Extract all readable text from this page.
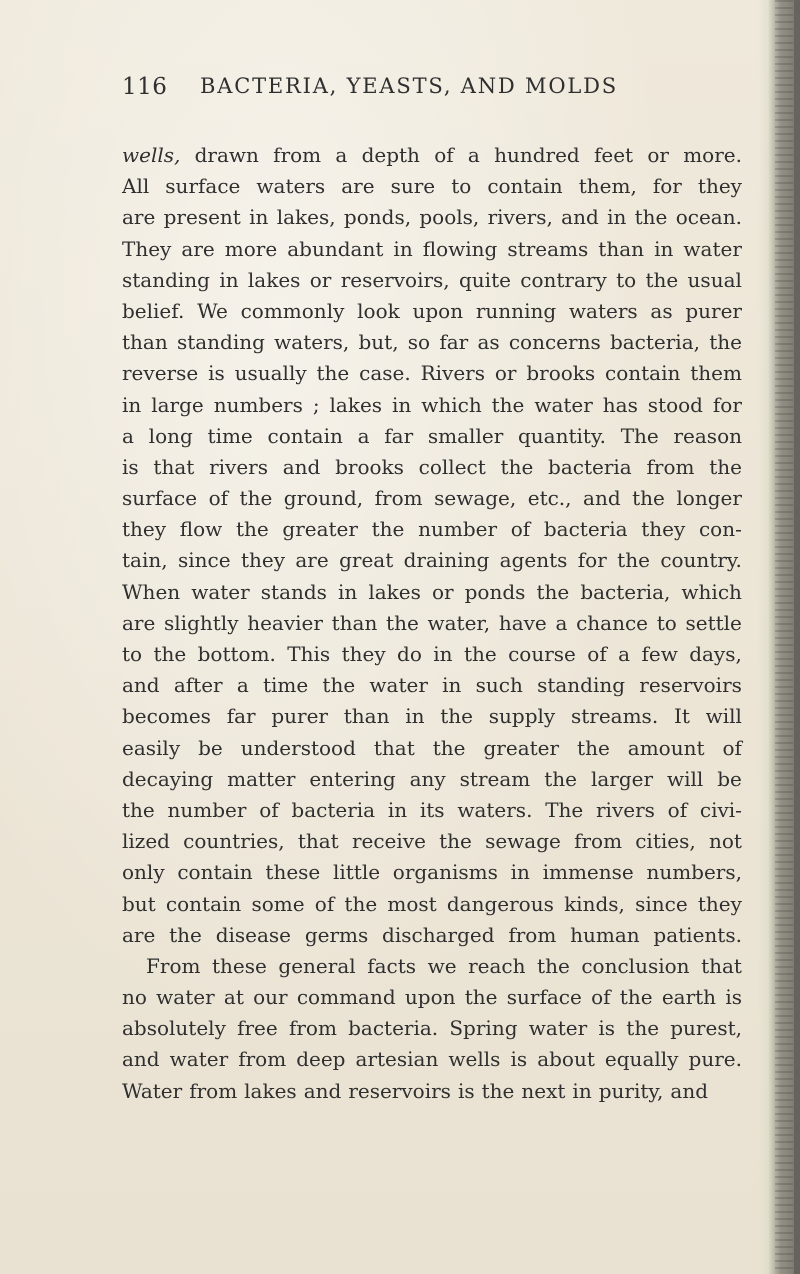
116 BACTERIA, YEASTS, AND MOLDS
wells, drawn from a depth of a hundred feet or more.
All surface waters are sure to contain them, for they
are present in lakes, ponds, pools, rivers, and in the ocean.
They are more abundant in flowing streams than in water
standing in lakes or reservoirs, quite contrary to the usual
belief. We commonly look upon running waters as purer
than standing waters, but, so far as concerns bacteria, the
reverse is usually the case. Rivers or brooks contain them
in large numbers ; lakes in which the water has stood for
a long time contain a far smaller quantity. The reason
is that rivers and brooks collect the bacteria from the
surface of the ground, from sewage, etc., and the longer
they flow the greater the number of bacteria they con-
tain, since they are great draining agents for the country.
When water stands in lakes or ponds the bacteria, which
are slightly heavier than the water, have a chance to settle
to the bottom. This they do in the course of a few days,
and after a time the water in such standing reservoirs
becomes far purer than in the supply streams. It will
easily be understood that the greater the amount of
decaying matter entering any stream the larger will be
the number of bacteria in its waters. The rivers of civi-
lized countries, that receive the sewage from cities, not
only contain these little organisms in immense numbers,
but contain some of the most dangerous kinds, since they
are the disease germs discharged from human patients.
From these general facts we reach the conclusion that
no water at our command upon the surface of the earth is
absolutely free from bacteria. Spring water is the purest,
and water from deep artesian wells is about equally pure.
Water from lakes and reservoirs is the next in purity, and
